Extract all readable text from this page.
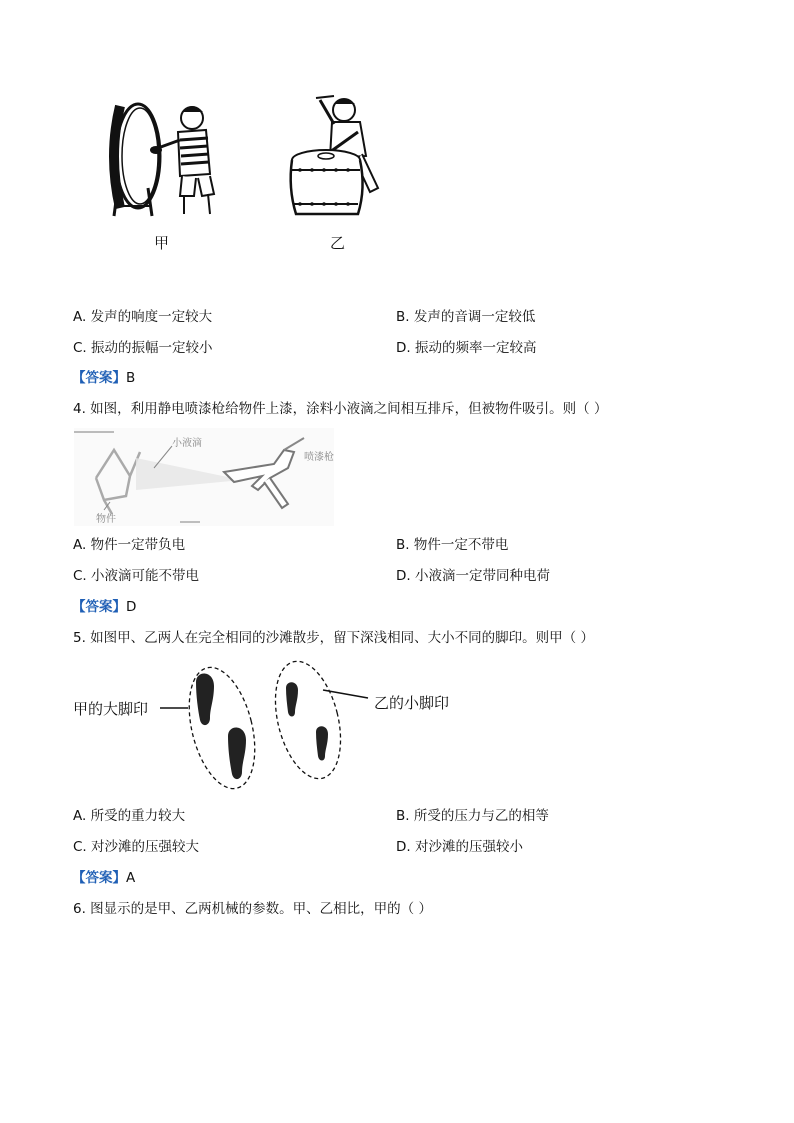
甲	乙
A. 发声的响度一定较大	B. 发声的音调一定较低
C. 振动的振幅一定较小	D. 振动的频率一定较高
【答案】B
4. 如图，利用静电喷漆枪给物件上漆，涂料小液滴之间相互排斥，但被物件吸引。则（ ）
小液滴
喷漆枪
物件
A. 物件一定带负电	B. 物件一定不带电
C. 小液滴可能不带电	D. 小液滴一定带同种电荷
【答案】D
5. 如图甲、乙两人在完全相同的沙滩散步，留下深浅相同、大小不同的脚印。则甲（ ）
甲的大脚印	乙的小脚印
A. 所受的重力较大	B. 所受的压力与乙的相等
C. 对沙滩的压强较大	D. 对沙滩的压强较小
【答案】A
6. 图显示的是甲、乙两机械的参数。甲、乙相比，甲的（ ）
